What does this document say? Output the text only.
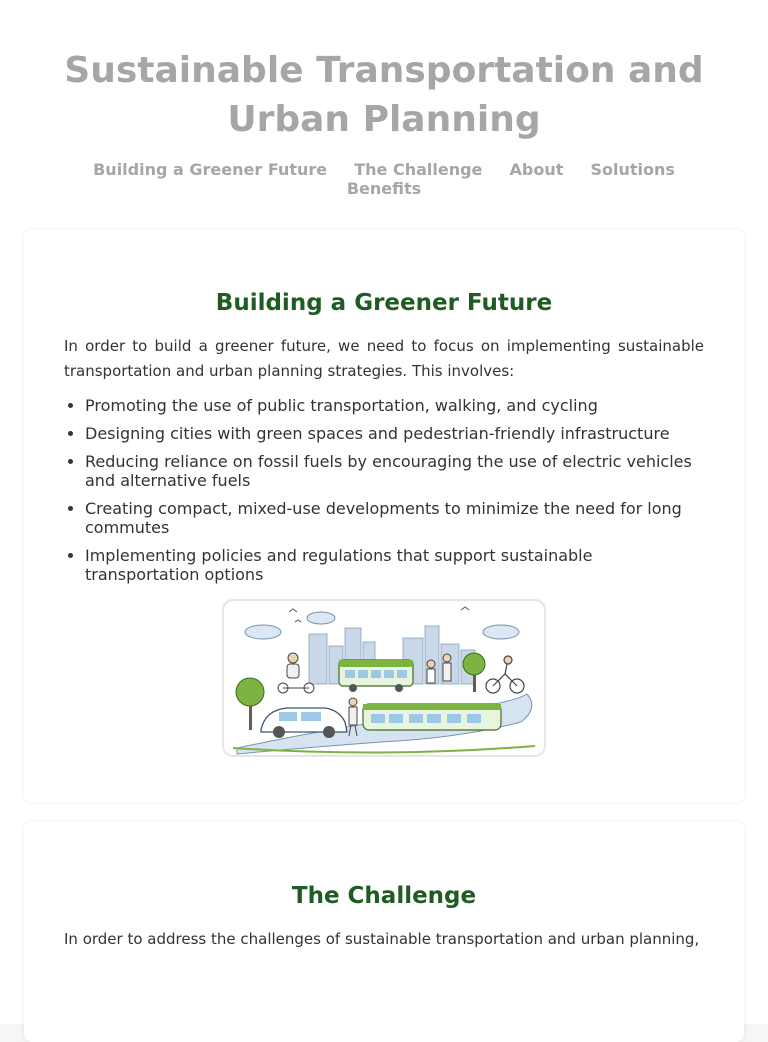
Sustainable Transportation and Urban Planning
Building a Greener Future The Challenge About Solutions Benefits
Building a Greener Future

In order to build a greener future, we need to focus on implementing sustainable transportation and urban planning strategies. This involves:

• Promoting the use of public transportation, walking, and cycling
• Designing cities with green spaces and pedestrian-friendly infrastructure
• Reducing reliance on fossil fuels by encouraging the use of electric vehicles and alternative fuels
• Creating compact, mixed-use developments to minimize the need for long commutes
• Implementing policies and regulations that support sustainable transportation options
The Challenge

In order to address the challenges of sustainable transportation and urban planning,
